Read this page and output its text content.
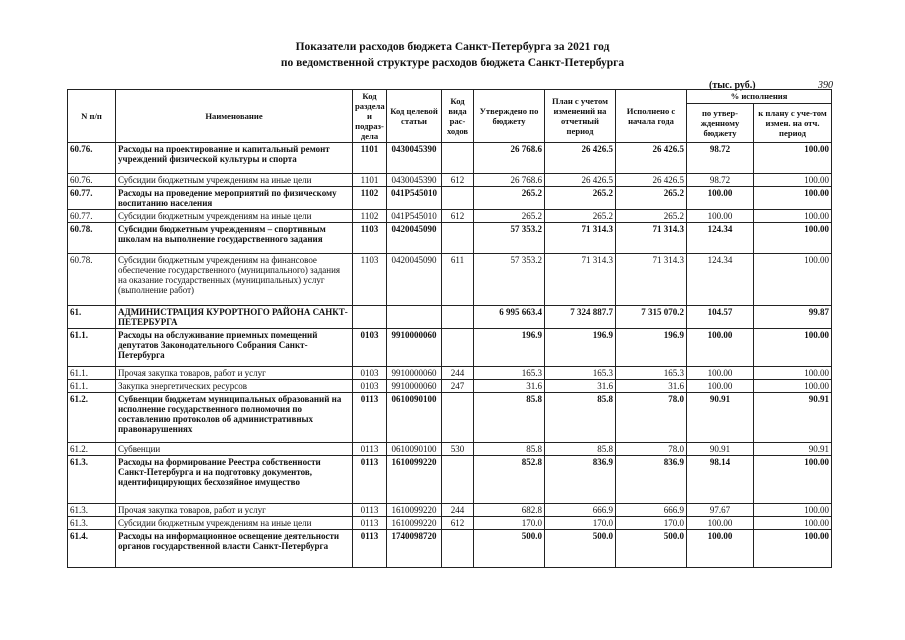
Показатели расходов бюджета Санкт-Петербурга за 2021 год
по ведомственной структуре расходов бюджета Санкт-Петербурга
(тыс. руб.)	390
N п/п	Наименование	Код раздела и подраз-дела	Код целевой статьи	Код вида рас-ходов	Утверждено по бюджету	План с учетом изменений на отчетный период	Исполнено с начала года	% исполнения	
								по утвер-жденному бюджету	к плану с уче-том измен. на отч. период
60.76.	Расходы на проектирование и капитальный ремонт учреждений физической культуры и спорта	1101	0430045390		26 768.6	26 426.5	26 426.5	98.72	100.00
60.76.	Субсидии бюджетным учреждениям на иные цели	1101	0430045390	612	26 768.6	26 426.5	26 426.5	98.72	100.00
60.77.	Расходы на проведение мероприятий по физическому воспитанию населения	1102	041P545010		265.2	265.2	265.2	100.00	100.00
60.77.	Субсидии бюджетным учреждениям на иные цели	1102	041P545010	612	265.2	265.2	265.2	100.00	100.00
60.78.	Субсидии бюджетным учреждениям – спортивным школам на выполнение государственного задания	1103	0420045090		57 353.2	71 314.3	71 314.3	124.34	100.00
60.78.	Субсидии бюджетным учреждениям на финансовое обеспечение государственного (муниципального) задания на оказание государственных (муниципальных) услуг (выполнение работ)	1103	0420045090	611	57 353.2	71 314.3	71 314.3	124.34	100.00
61.	АДМИНИСТРАЦИЯ КУРОРТНОГО РАЙОНА САНКТ-ПЕТЕРБУРГА				6 995 663.4	7 324 887.7	7 315 070.2	104.57	99.87
61.1.	Расходы на обслуживание приемных помещений депутатов Законодательного Собрания Санкт-Петербурга	0103	9910000060		196.9	196.9	196.9	100.00	100.00
61.1.	Прочая закупка товаров, работ и услуг	0103	9910000060	244	165.3	165.3	165.3	100.00	100.00
61.1.	Закупка энергетических ресурсов	0103	9910000060	247	31.6	31.6	31.6	100.00	100.00
61.2.	Субвенции бюджетам муниципальных образований на исполнение государственного полномочия по составлению протоколов об административных правонарушениях	0113	0610090100		85.8	85.8	78.0	90.91	90.91
61.2.	Субвенции	0113	0610090100	530	85.8	85.8	78.0	90.91	90.91
61.3.	Расходы на формирование Реестра собственности Санкт-Петербурга и на подготовку документов, идентифицирующих бесхозяйное имущество	0113	1610099220		852.8	836.9	836.9	98.14	100.00
61.3.	Прочая закупка товаров, работ и услуг	0113	1610099220	244	682.8	666.9	666.9	97.67	100.00
61.3.	Субсидии бюджетным учреждениям на иные цели	0113	1610099220	612	170.0	170.0	170.0	100.00	100.00
61.4.	Расходы на информационное освещение деятельности органов государственной власти Санкт-Петербурга	0113	1740098720		500.0	500.0	500.0	100.00	100.00
